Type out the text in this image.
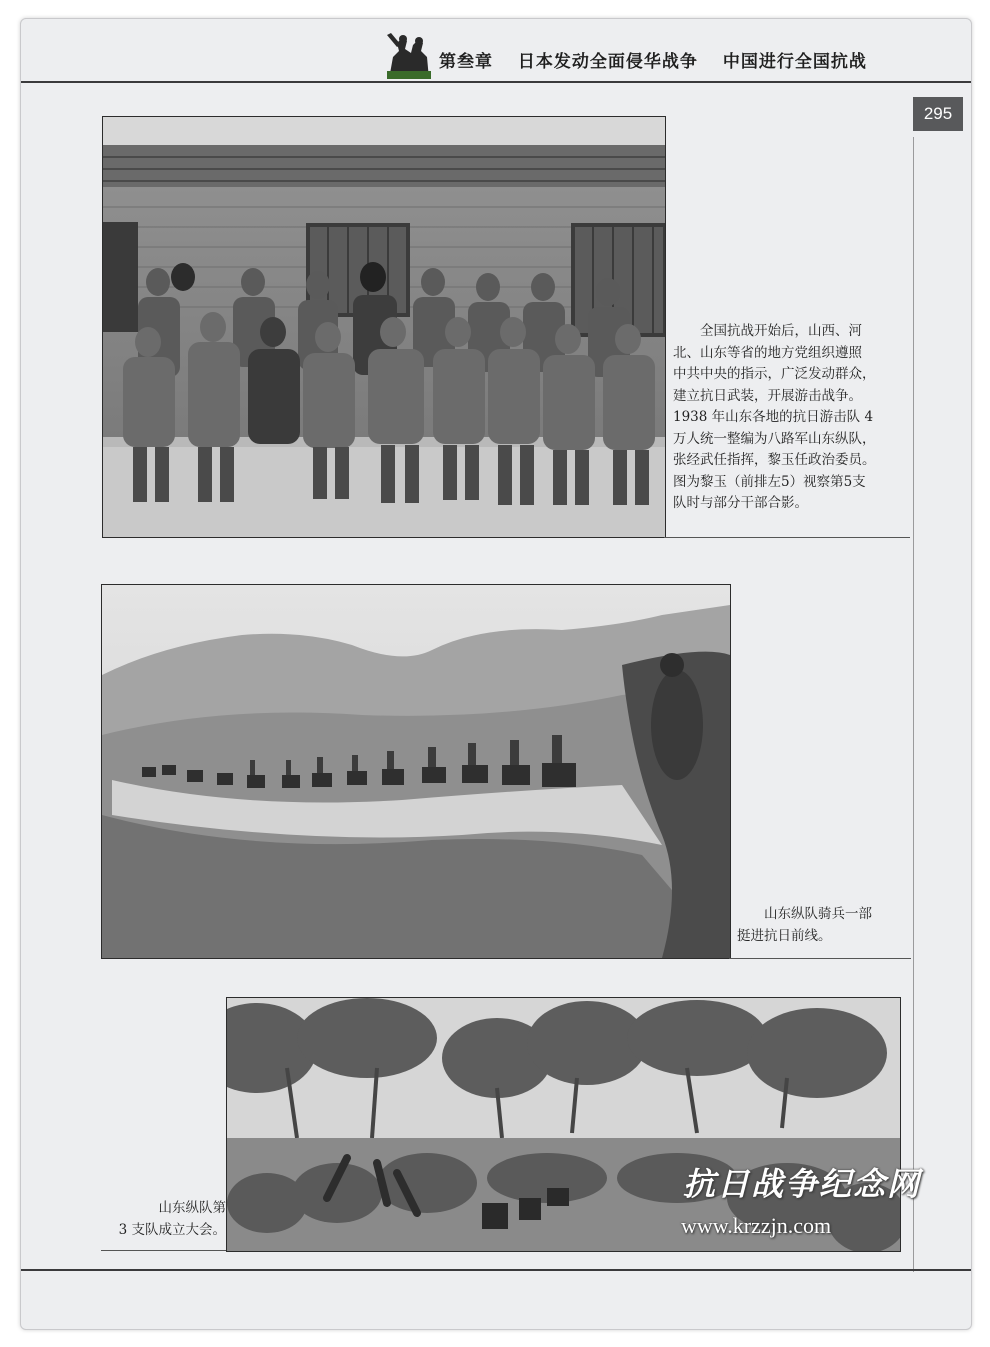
第叁章 日本发动全面侵华战争 中国进行全国抗战
295
全国抗战开始后，山西、河
北、山东等省的地方党组织遵照
中共中央的指示，广泛发动群众，
建立抗日武装，开展游击战争。
1938 年山东各地的抗日游击队 4
万人统一整编为八路军山东纵队，
张经武任指挥，黎玉任政治委员。
图为黎玉（前排左5）视察第5支
队时与部分干部合影。
山东纵队骑兵一部
挺进抗日前线。
山东纵队第
3 支队成立大会。
抗日战争纪念网
www.krzzjn.com
